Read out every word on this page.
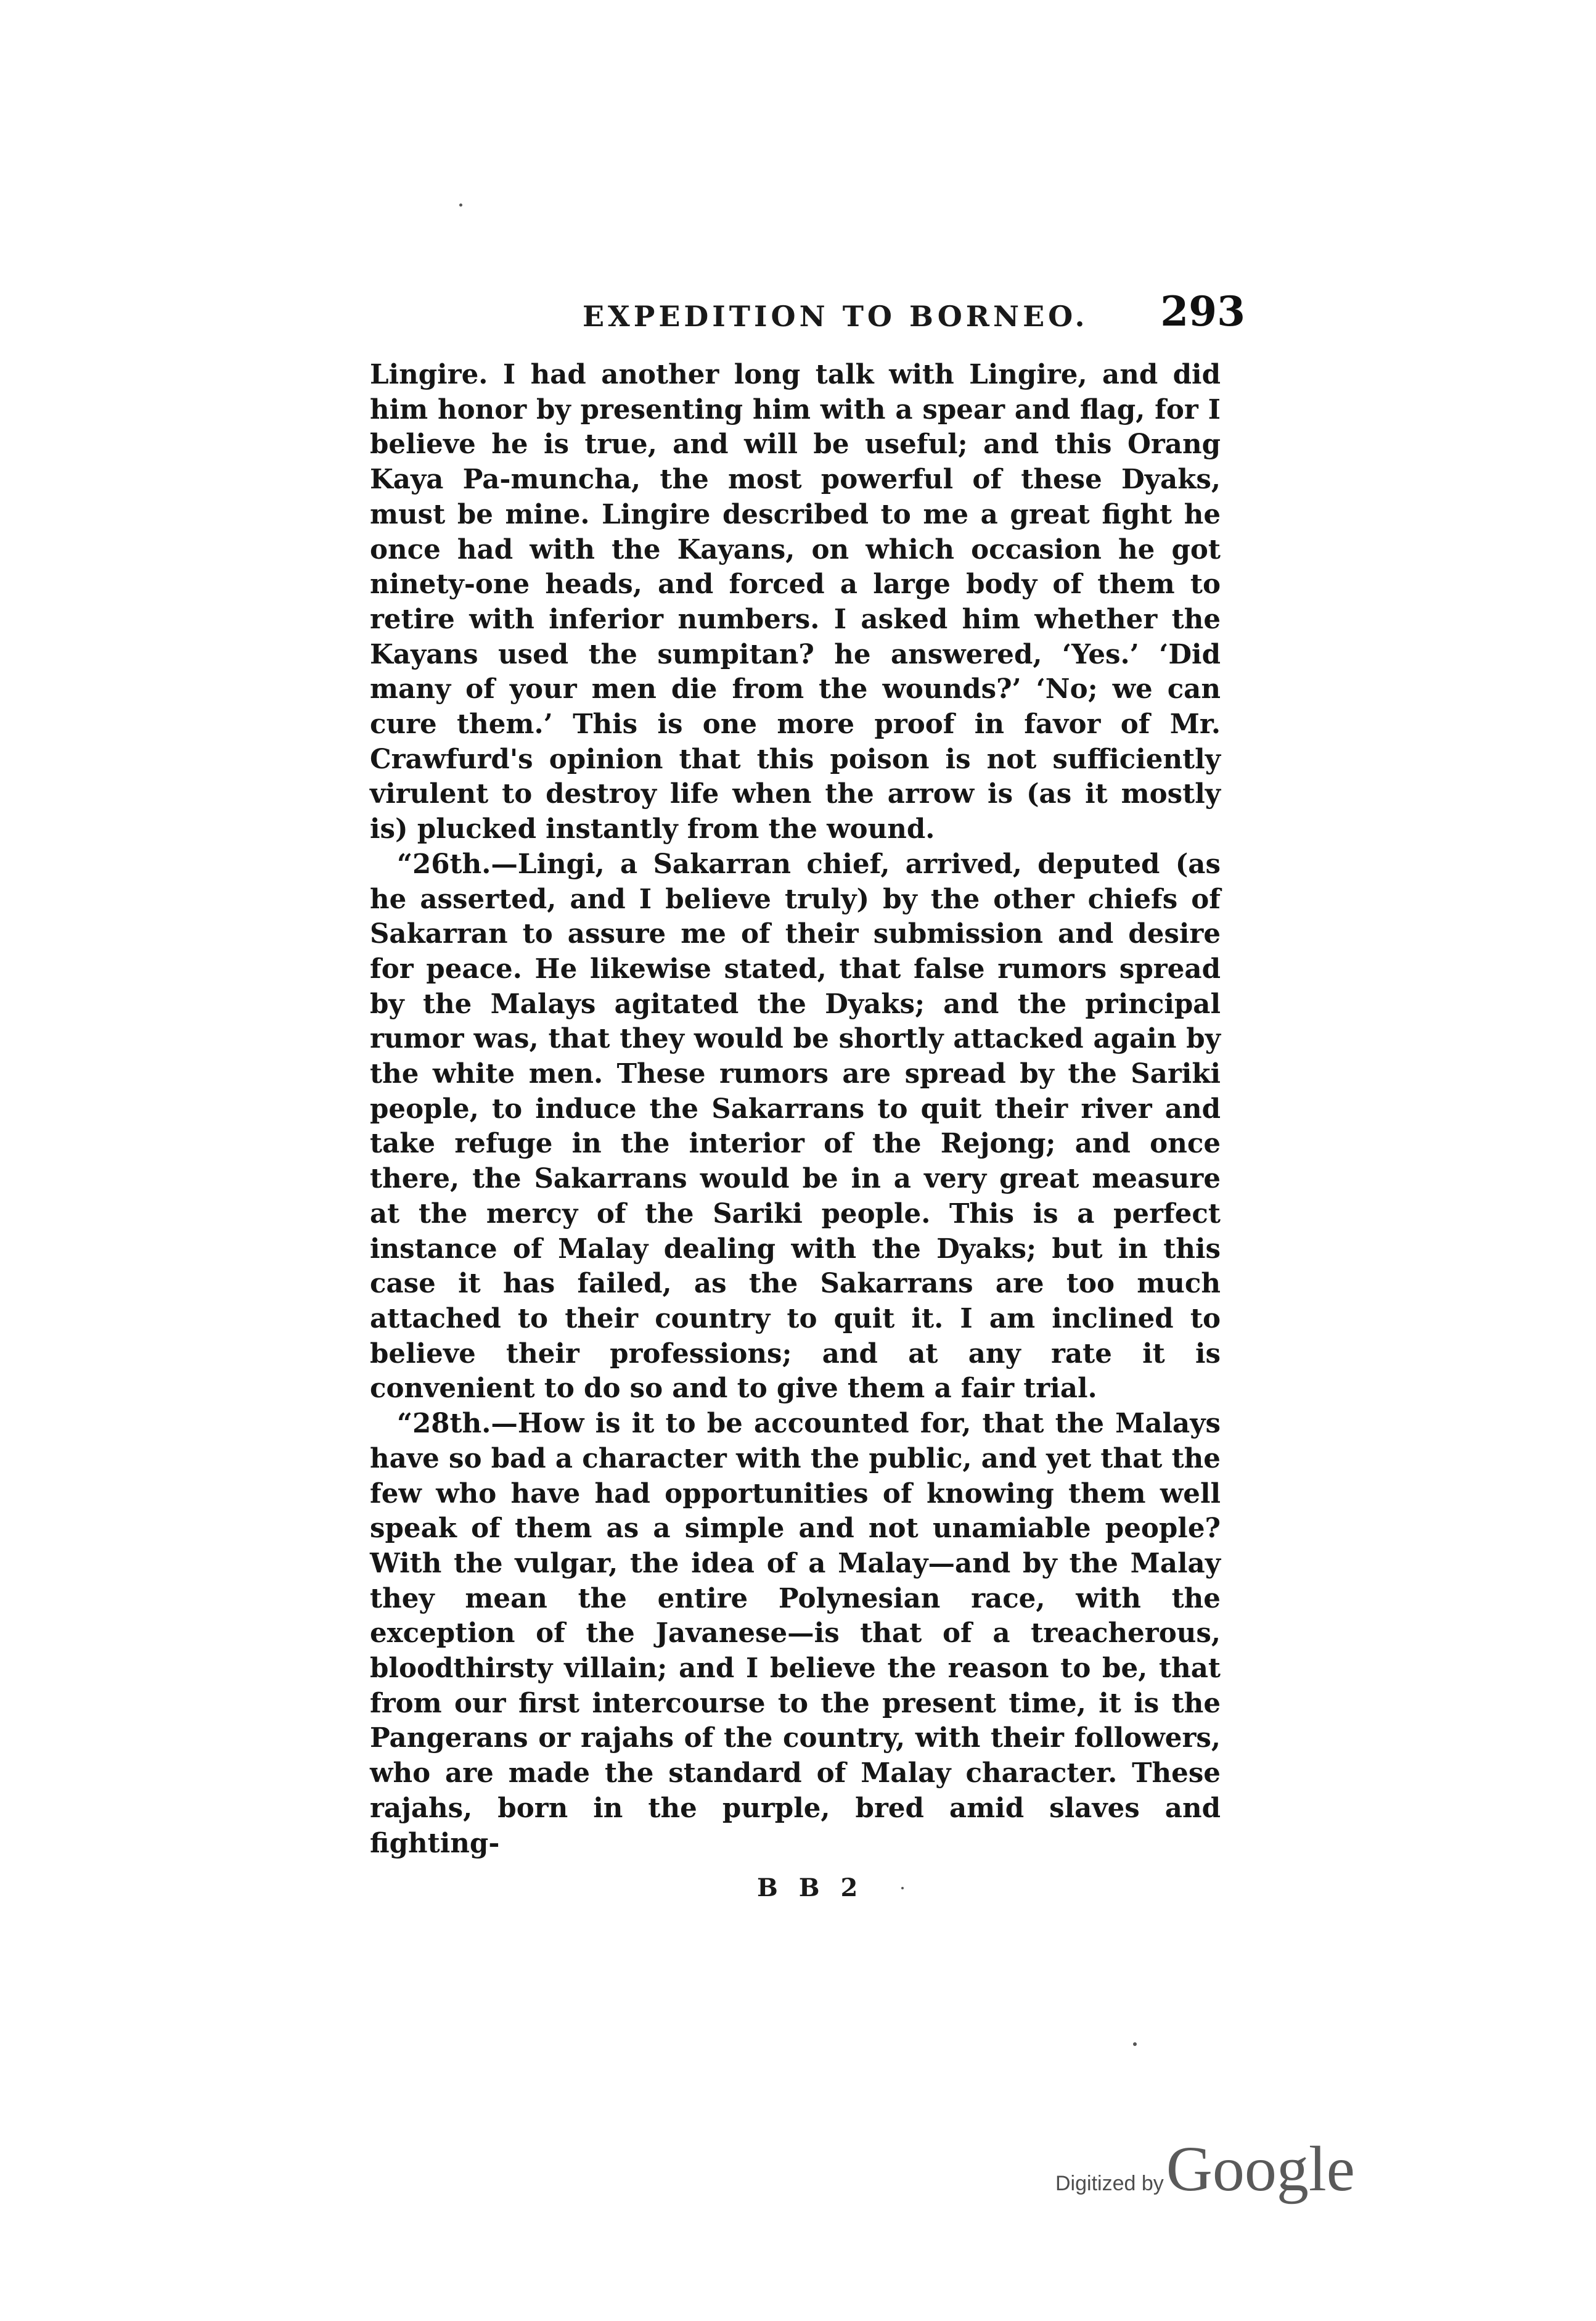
EXPEDITION TO BORNEO. 293

Lingire. I had another long talk with Lingire, and did him honor by presenting him with a spear and flag, for I believe he is true, and will be useful; and this Orang Kaya Pa-muncha, the most powerful of these Dyaks, must be mine. Lingire described to me a great fight he once had with the Kayans, on which occasion he got ninety-one heads, and forced a large body of them to retire with inferior numbers. I asked him whether the Kayans used the sumpitan? he answered, ‘Yes.’ ‘Did many of your men die from the wounds?’ ‘No; we can cure them.’ This is one more proof in favor of Mr. Crawfurd's opinion that this poison is not sufficiently virulent to destroy life when the arrow is (as it mostly is) plucked instantly from the wound.

“26th.—Lingi, a Sakarran chief, arrived, deputed (as he asserted, and I believe truly) by the other chiefs of Sakarran to assure me of their submission and desire for peace. He likewise stated, that false rumors spread by the Malays agitated the Dyaks; and the principal rumor was, that they would be shortly attacked again by the white men. These rumors are spread by the Sariki people, to induce the Sakarrans to quit their river and take refuge in the interior of the Rejong; and once there, the Sakarrans would be in a very great measure at the mercy of the Sariki people. This is a perfect instance of Malay dealing with the Dyaks; but in this case it has failed, as the Sakarrans are too much attached to their country to quit it. I am inclined to believe their professions; and at any rate it is convenient to do so and to give them a fair trial.

“28th.—How is it to be accounted for, that the Malays have so bad a character with the public, and yet that the few who have had opportunities of knowing them well speak of them as a simple and not unamiable people? With the vulgar, the idea of a Malay—and by the Malay they mean the entire Polynesian race, with the exception of the Javanese—is that of a treacherous, bloodthirsty villain; and I believe the reason to be, that from our first intercourse to the present time, it is the Pangerans or rajahs of the country, with their followers, who are made the standard of Malay character. These rajahs, born in the purple, bred amid slaves and fighting-

B B 2
Digitized by Google
